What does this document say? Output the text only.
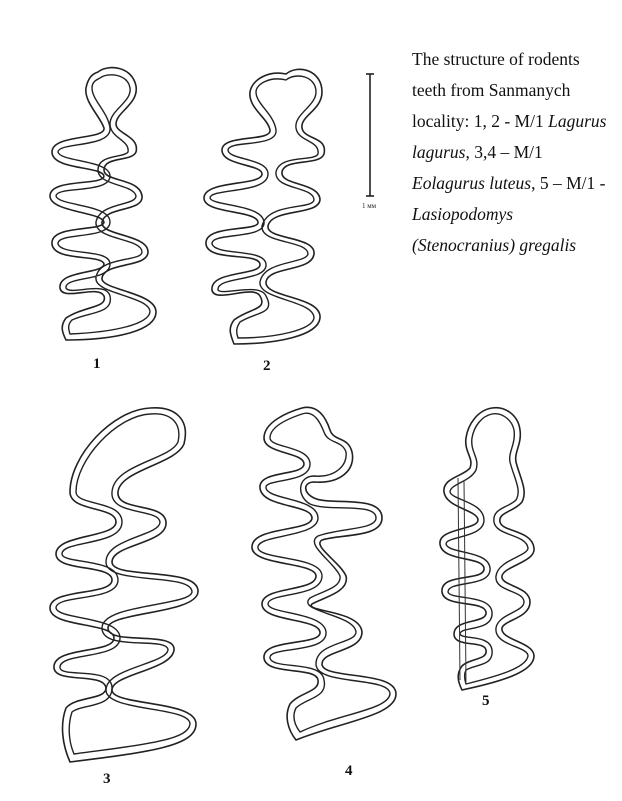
1	2
3	4
5
1 мм
The structure of rodents teeth from Sanmanych locality: 1, 2 - M/1 Lagurus lagurus, 3,4 – M/1 Eolagurus luteus, 5 – M/1 - Lasiopodomys (Stenocranius) gregalis
